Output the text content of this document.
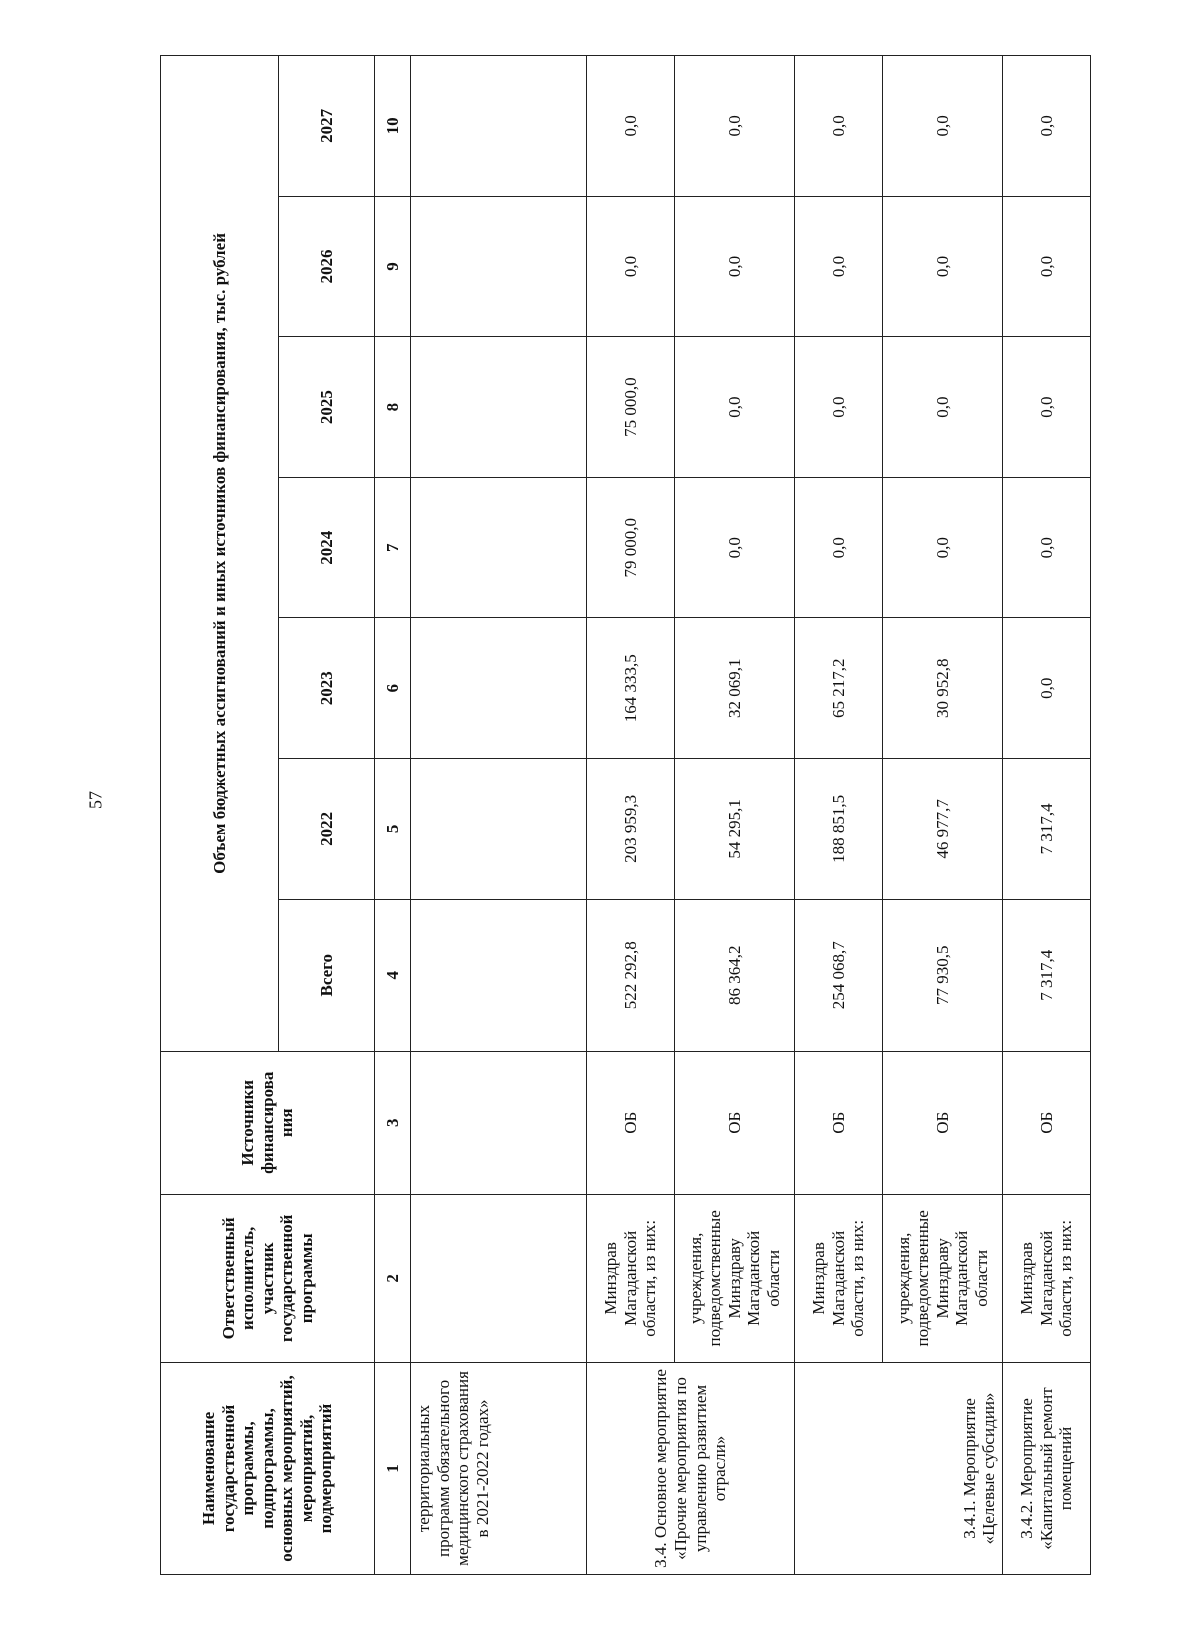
57
Наименование государственной программы, подпрограммы, основных мероприятий, мероприятий, подмероприятий	Ответственный исполнитель, участник государственной программы	Источники финансирова ния	Объем бюджетных ассигнований и иных источников финансирования, тыс. рублей						
			Всего	2022	2023	2024	2025	2026	2027
1	2	3	4	5	6	7	8	9	10
территориальных программ обязательного медицинского страхования в 2021-2022 годах»									
3.4. Основное мероприятие «Прочие мероприятия по управлению развитием отрасли»	Минздрав Магаданской области, из них:	ОБ	522 292,8	203 959,3	164 333,5	79 000,0	75 000,0	0,0	0,0
	учреждения, подведомственные Минздраву Магаданской области	ОБ	86 364,2	54 295,1	32 069,1	0,0	0,0	0,0	0,0
3.4.1. Мероприятие «Целевые субсидии»	Минздрав Магаданской области, из них:	ОБ	254 068,7	188 851,5	65 217,2	0,0	0,0	0,0	0,0
	учреждения, подведомственные Минздраву Магаданской области	ОБ	77 930,5	46 977,7	30 952,8	0,0	0,0	0,0	0,0
3.4.2. Мероприятие «Капитальный ремонт помещений	Минздрав Магаданской области, из них:	ОБ	7 317,4	7 317,4	0,0	0,0	0,0	0,0	0,0
